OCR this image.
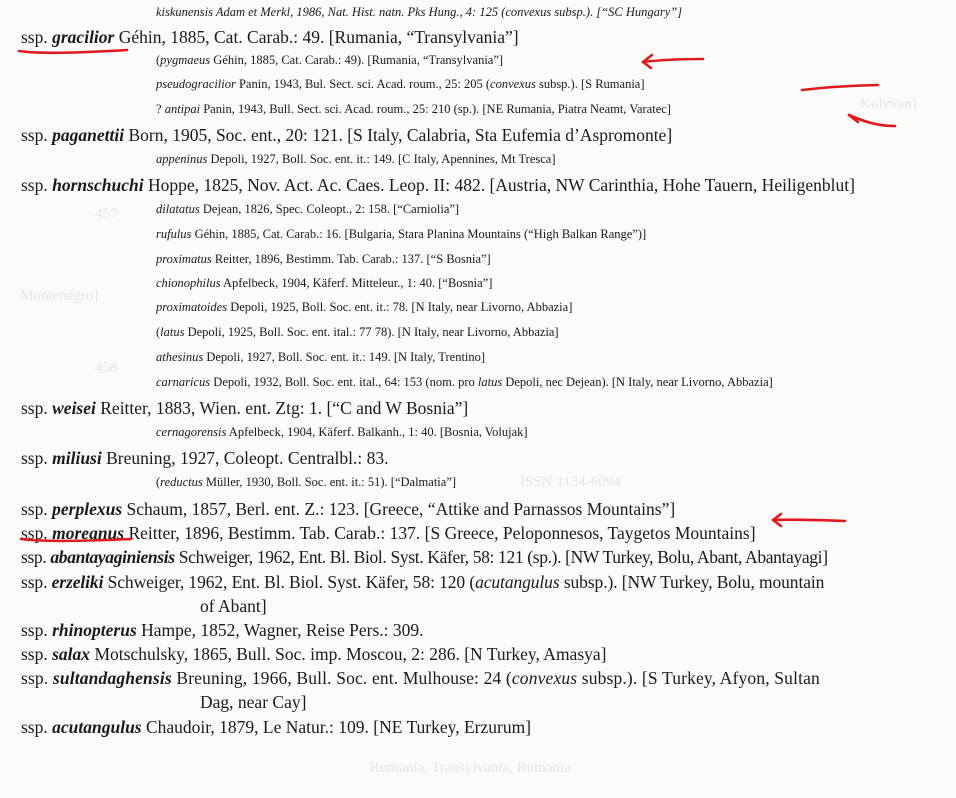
Kolyvan]
Montenegro]
457
458
ISSN 1134-6094
Rumania, Transylvania, Rumania
kiskunensis Adam et Merkl, 1986, Nat. Hist. natn. Pks Hung., 4: 125 (convexus subsp.). [“SC Hungary”]
ssp. gracilior Géhin, 1885, Cat. Carab.: 49. [Rumania, “Transylvania”]
(pygmaeus Géhin, 1885, Cat. Carab.: 49). [Rumania, “Transylvania”]
pseudogracilior Panin, 1943, Bul. Sect. sci. Acad. roum., 25: 205 (convexus subsp.). [S Rumania]
? antipai Panin, 1943, Bull. Sect. sci. Acad. roum., 25: 210 (sp.). [NE Rumania, Piatra Neamt, Varatec]
ssp. paganettii Born, 1905, Soc. ent., 20: 121. [S Italy, Calabria, Sta Eufemia d’Aspromonte]
appeninus Depoli, 1927, Boll. Soc. ent. it.: 149. [C Italy, Apennines, Mt Tresca]
ssp. hornschuchi Hoppe, 1825, Nov. Act. Ac. Caes. Leop. II: 482. [Austria, NW Carinthia, Hohe Tauern, Heiligenblut]
dilatatus Dejean, 1826, Spec. Coleopt., 2: 158. [“Carniolia”]
rufulus Géhin, 1885, Cat. Carab.: 16. [Bulgaria, Stara Planina Mountains (“High Balkan Range”)]
proximatus Reitter, 1896, Bestimm. Tab. Carab.: 137. [“S Bosnia”]
chionophilus Apfelbeck, 1904, Käferf. Mitteleur., 1: 40. [“Bosnia”]
proximatoides Depoli, 1925, Boll. Soc. ent. it.: 78. [N Italy, near Livorno, Abbazia]
(latus Depoli, 1925, Boll. Soc. ent. ital.: 77 78). [N Italy, near Livorno, Abbazia]
athesinus Depoli, 1927, Boll. Soc. ent. it.: 149. [N Italy, Trentino]
carnaricus Depoli, 1932, Boll. Soc. ent. ital., 64: 153 (nom. pro latus Depoli, nec Dejean). [N Italy, near Livorno, Abbazia]
ssp. weisei Reitter, 1883, Wien. ent. Ztg: 1. [“C and W Bosnia”]
cernagorensis Apfelbeck, 1904, Käferf. Balkanh., 1: 40. [Bosnia, Volujak]
ssp. miliusi Breuning, 1927, Coleopt. Centralbl.: 83.
(reductus Müller, 1930, Boll. Soc. ent. it.: 51). [“Dalmatia”]
ssp. perplexus Schaum, 1857, Berl. ent. Z.: 123. [Greece, “Attike and Parnassos Mountains”]
ssp. moreanus Reitter, 1896, Bestimm. Tab. Carab.: 137. [S Greece, Peloponnesos, Taygetos Mountains]
ssp. abantayaginiensis Schweiger, 1962, Ent. Bl. Biol. Syst. Käfer, 58: 121 (sp.). [NW Turkey, Bolu, Abant, Abantayagi]
ssp. erzeliki Schweiger, 1962, Ent. Bl. Biol. Syst. Käfer, 58: 120 (acutangulus subsp.). [NW Turkey, Bolu, mountain
of Abant]
ssp. rhinopterus Hampe, 1852, Wagner, Reise Pers.: 309.
ssp. salax Motschulsky, 1865, Bull. Soc. imp. Moscou, 2: 286. [N Turkey, Amasya]
ssp. sultandaghensis Breuning, 1966, Bull. Soc. ent. Mulhouse: 24 (convexus subsp.). [S Turkey, Afyon, Sultan
Dag, near Cay]
ssp. acutangulus Chaudoir, 1879, Le Natur.: 109. [NE Turkey, Erzurum]
